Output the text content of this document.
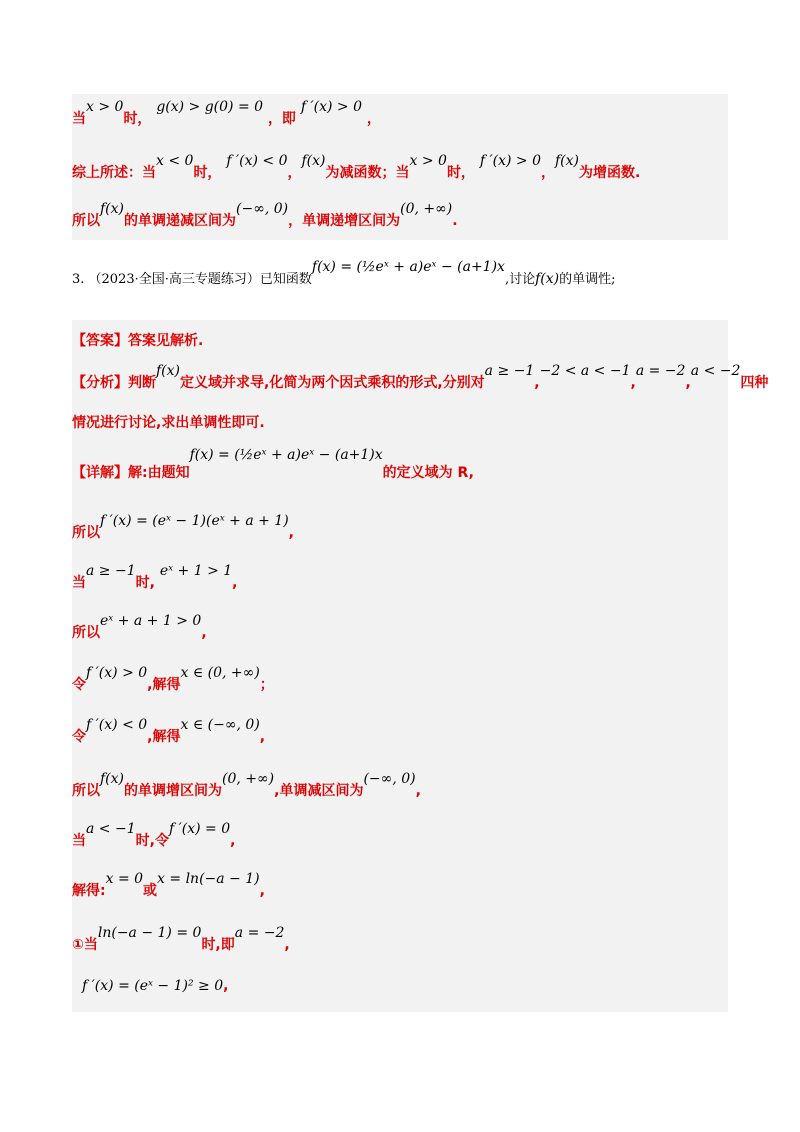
当x > 0时， g(x) > g(0) = 0 ，即 f ′(x) > 0 ，
综上所述：当x < 0时， f ′(x) < 0，f(x)为减函数；当x > 0时， f ′(x) > 0，f(x)为增函数.
所以f(x)的单调递减区间为(−∞, 0)，单调递增区间为(0, +∞).
3. （2023·全国·高三专题练习）已知函数f(x) = (½eˣ + a)eˣ − (a+1)x,讨论f(x)的单调性;
【答案】答案见解析.
【分析】判断f(x)定义域并求导,化简为两个因式乘积的形式,分别对a ≥ −1,−2 < a < −1,a = −2,a < −2四种
情况进行讨论,求出单调性即可.
【详解】解:由题知f(x) = (½eˣ + a)eˣ − (a+1)x的定义域为 R,
所以f ′(x) = (eˣ − 1)(eˣ + a + 1),
当a ≥ −1时, eˣ + 1 > 1,
所以eˣ + a + 1 > 0,
令f ′(x) > 0,解得x ∈ (0, +∞)；
令f ′(x) < 0,解得x ∈ (−∞, 0),
所以f(x)的单调增区间为(0, +∞),单调减区间为(−∞, 0),
当a < −1时,令f ′(x) = 0,
解得:x = 0或x = ln(−a − 1),
①当ln(−a − 1) = 0时,即a = −2,
f ′(x) = (eˣ − 1)² ≥ 0,
